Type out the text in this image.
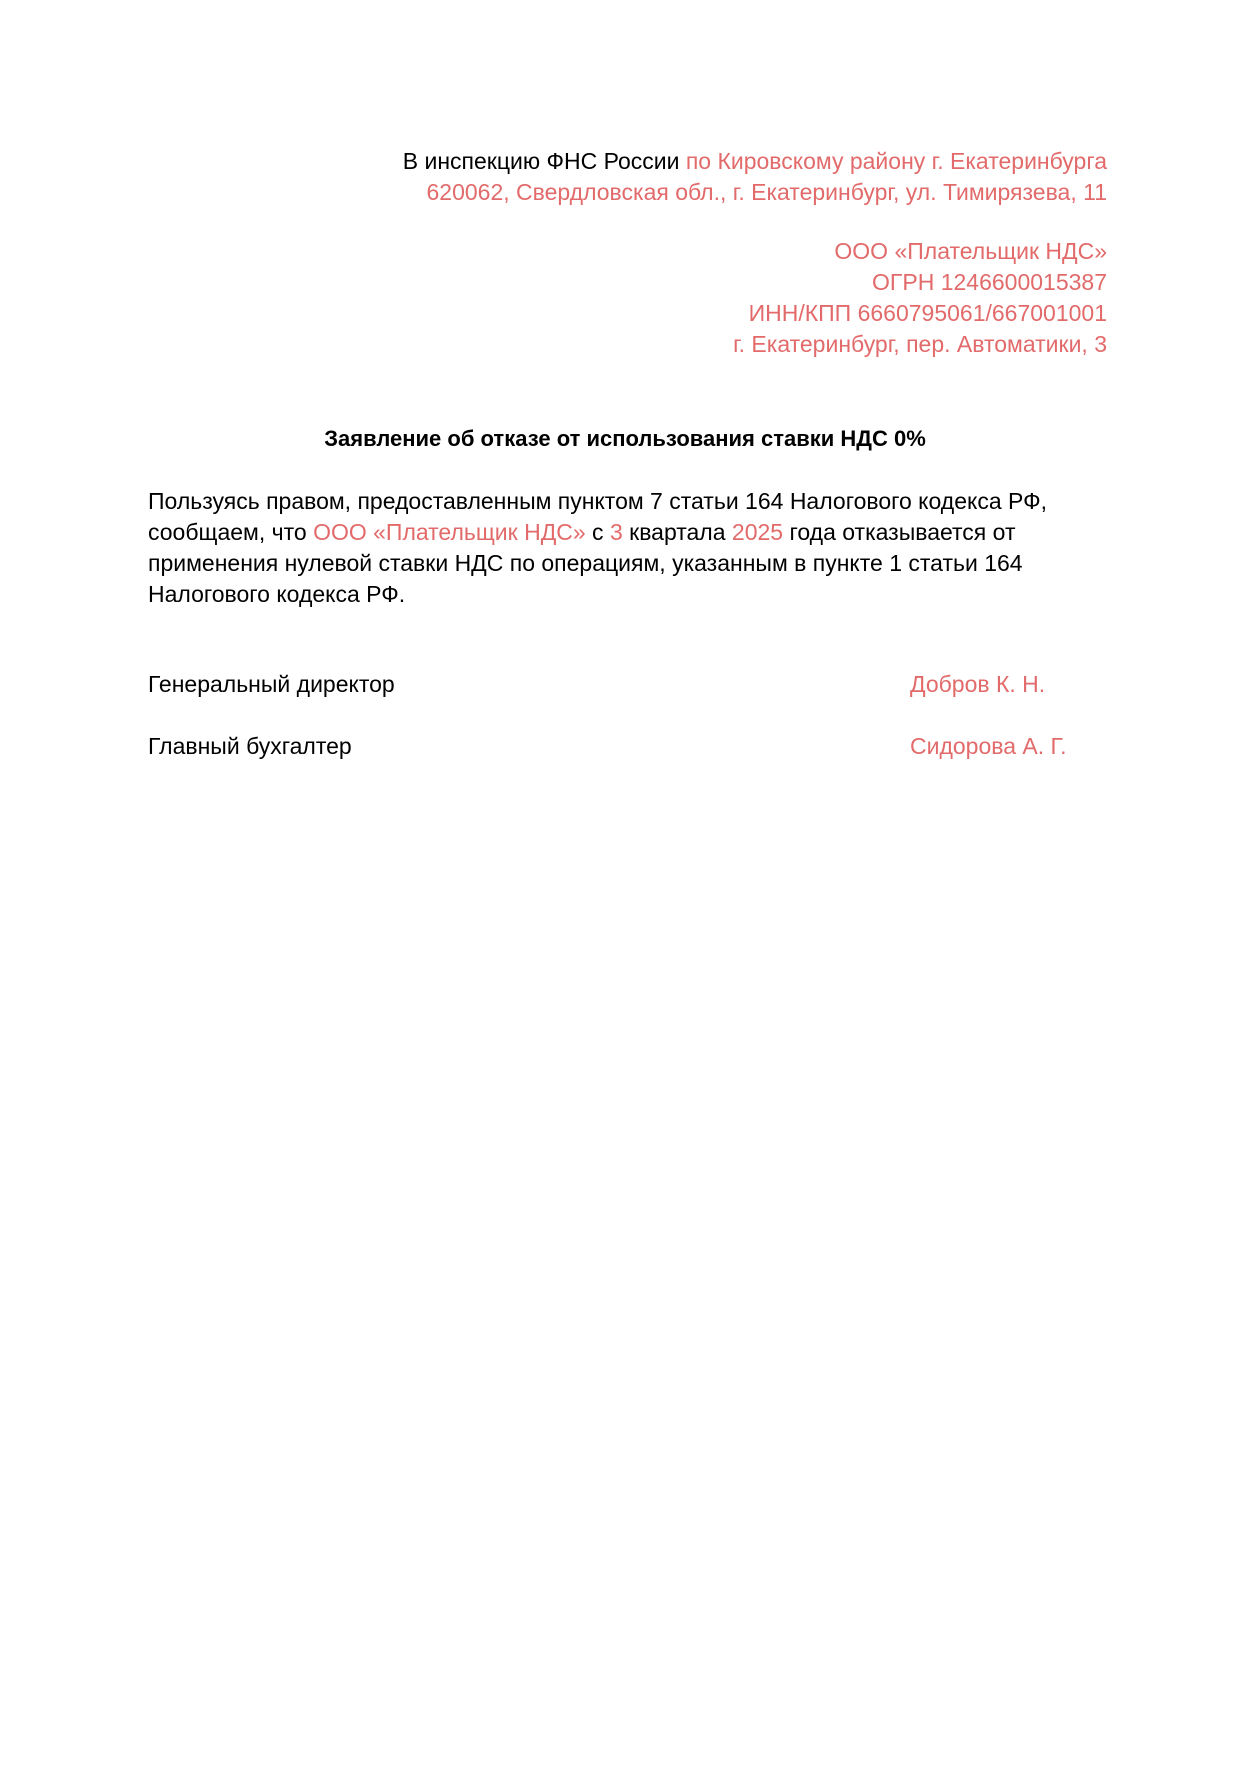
В инспекцию ФНС России по Кировскому району г. Екатеринбурга
620062, Свердловская обл., г. Екатеринбург, ул. Тимирязева, 11
ООО «Плательщик НДС»
ОГРН 1246600015387
ИНН/КПП 6660795061/667001001
г. Екатеринбург, пер. Автоматики, 3
Заявление об отказе от использования ставки НДС 0%
Пользуясь правом, предоставленным пунктом 7 статьи 164 Налогового кодекса РФ,
сообщаем, что ООО «Плательщик НДС» с 3 квартала 2025 года отказывается от
применения нулевой ставки НДС по операциям, указанным в пункте 1 статьи 164
Налогового кодекса РФ.
Генеральный директор	Добров К. Н.
Главный бухгалтер	Сидорова А. Г.
